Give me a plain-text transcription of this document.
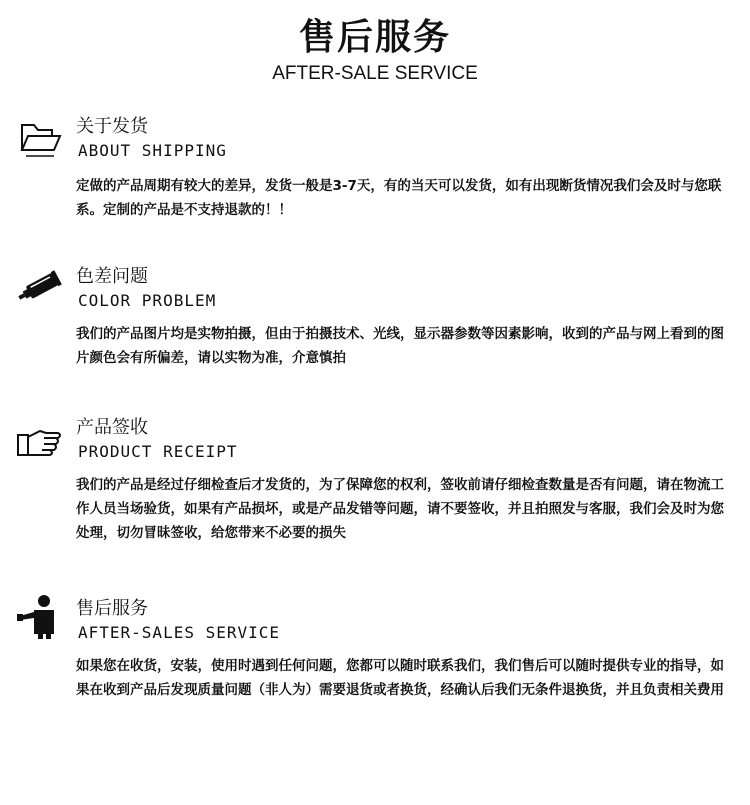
售后服务
AFTER-SALE SERVICE
关于发货
ABOUT SHIPPING
定做的产品周期有较大的差异，发货一般是3-7天，有的当天可以发货，如有出现断货情况我们会及时与您联系。定制的产品是不支持退款的！！
色差问题
COLOR PROBLEM
我们的产品图片均是实物拍摄，但由于拍摄技术、光线，显示器参数等因素影响，收到的产品与网上看到的图片颜色会有所偏差，请以实物为准，介意慎拍
产品签收
PRODUCT RECEIPT
我们的产品是经过仔细检查后才发货的，为了保障您的权利，签收前请仔细检查数量是否有问题，请在物流工作人员当场验货，如果有产品损坏，或是产品发错等问题，请不要签收，并且拍照发与客服，我们会及时为您处理，切勿冒昧签收，给您带来不必要的损失
售后服务
AFTER-SALES SERVICE
如果您在收货，安装，使用时遇到任何问题，您都可以随时联系我们，我们售后可以随时提供专业的指导，如果在收到产品后发现质量问题（非人为）需要退货或者换货，经确认后我们无条件退换货，并且负责相关费用
